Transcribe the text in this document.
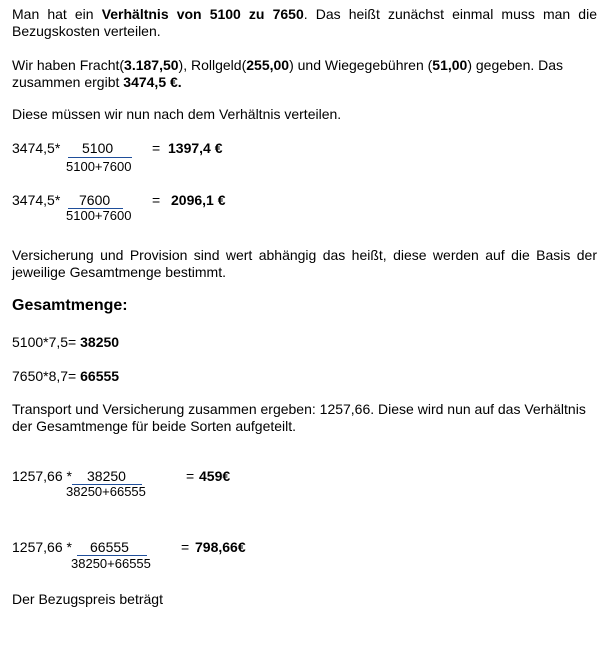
Man hat ein Verhältnis von 5100 zu 7650. Das heißt zunächst einmal muss man die Bezugskosten verteilen.

Wir haben Fracht(3.187,50), Rollgeld(255,00) und Wiegegebühren (51,00) gegeben. Das zusammen ergibt 3474,5 €.

Diese müssen wir nun nach dem Verhältnis verteilen.

3474,5* 5100
5100+7600
= 1397,4 €
3474,5* 7600
5100+7600
= 2096,1 €

Versicherung und Provision sind wert abhängig das heißt, diese werden auf die Basis der jeweilige Gesamtmenge bestimmt.

Gesamtmenge:
5100*7,5= 38250
7650*8,7= 66555

Transport und Versicherung zusammen ergeben: 1257,66. Diese wird nun auf das Verhältnis der Gesamtmenge für beide Sorten aufgeteilt.

1257,66 * 38250
38250+66555
= 459€
1257,66 * 66555
38250+66555
= 798,66€

Der Bezugspreis beträgt
